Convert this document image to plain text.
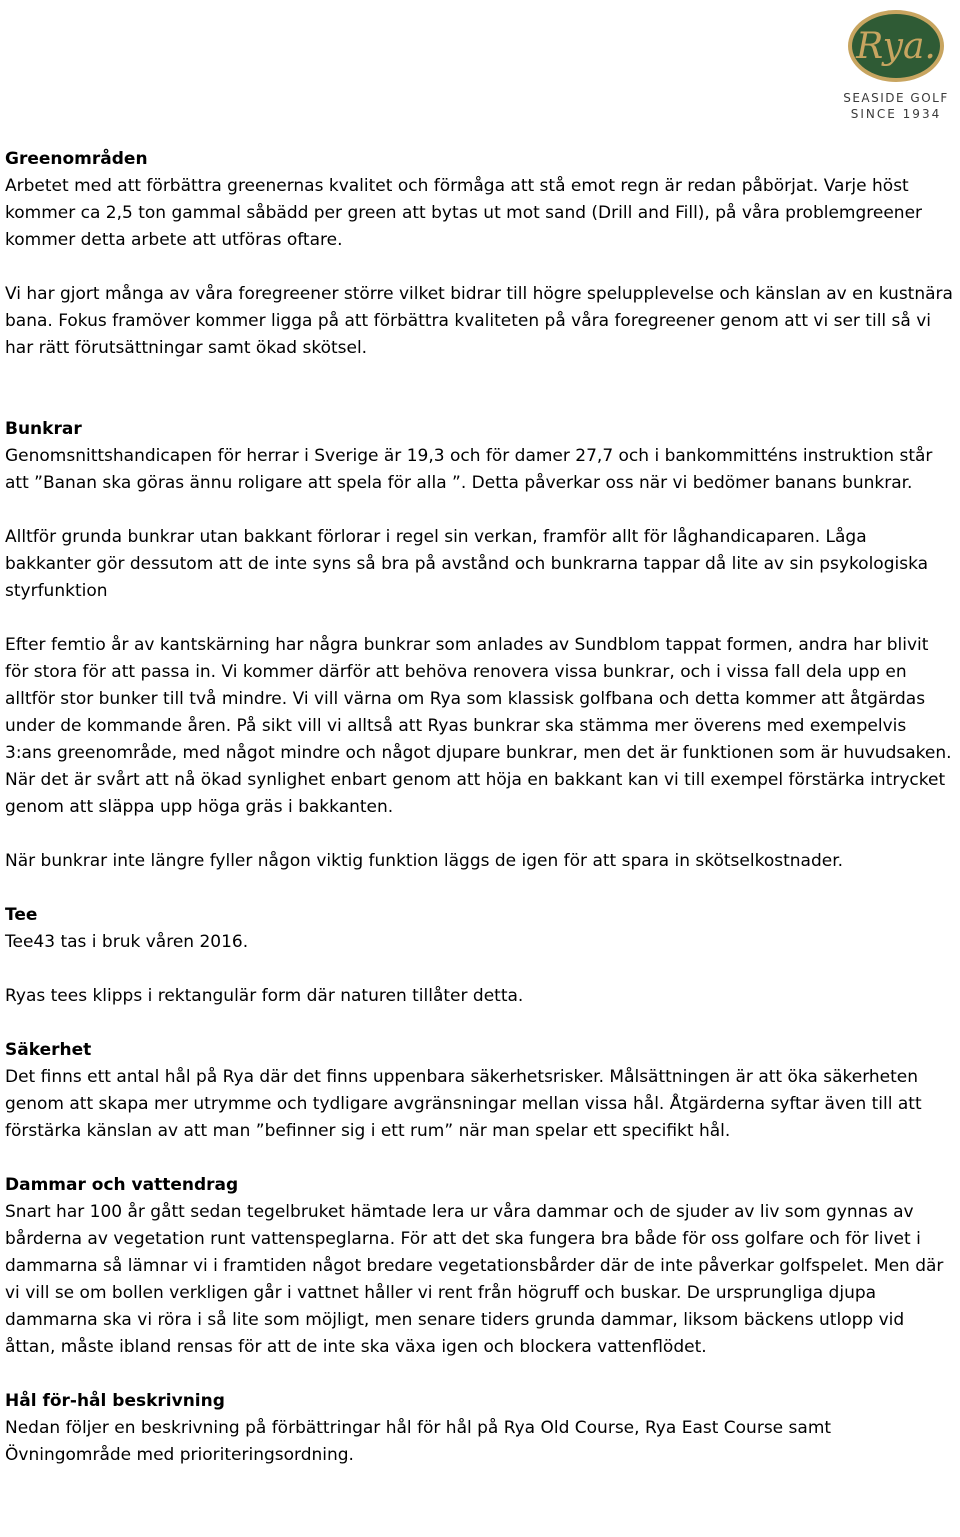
Rya.
SEASIDE GOLF
SINCE 1934
Greenområden

Arbetet med att förbättra greenernas kvalitet och förmåga att stå emot regn är redan påbörjat. Varje höst kommer ca 2,5 ton gammal såbädd per green att bytas ut mot sand (Drill and Fill), på våra problemgreener kommer detta arbete att utföras oftare.

Vi har gjort många av våra foregreener större vilket bidrar till högre spelupplevelse och känslan av en kustnära bana. Fokus framöver kommer ligga på att förbättra kvaliteten på våra foregreener genom att vi ser till så vi har rätt förutsättningar samt ökad skötsel.

Bunkrar

Genomsnittshandicapen för herrar i Sverige är 19,3 och för damer 27,7 och i bankommitténs instruktion står att ”Banan ska göras ännu roligare att spela för alla ”. Detta påverkar oss när vi bedömer banans bunkrar.

Alltför grunda bunkrar utan bakkant förlorar i regel sin verkan, framför allt för låghandicaparen. Låga bakkanter gör dessutom att de inte syns så bra på avstånd och bunkrarna tappar då lite av sin psykologiska styrfunktion

Efter femtio år av kantskärning har några bunkrar som anlades av Sundblom tappat formen, andra har blivit för stora för att passa in. Vi kommer därför att behöva renovera vissa bunkrar, och i vissa fall dela upp en alltför stor bunker till två mindre. Vi vill värna om Rya som klassisk golfbana och detta kommer att åtgärdas under de kommande åren. På sikt vill vi alltså att Ryas bunkrar ska stämma mer överens med exempelvis 3:ans greenområde, med något mindre och något djupare bunkrar, men det är funktionen som är huvudsaken. När det är svårt att nå ökad synlighet enbart genom att höja en bakkant kan vi till exempel förstärka intrycket genom att släppa upp höga gräs i bakkanten.

När bunkrar inte längre fyller någon viktig funktion läggs de igen för att spara in skötselkostnader.

Tee

Tee43 tas i bruk våren 2016.

Ryas tees klipps i rektangulär form där naturen tillåter detta.

Säkerhet

Det finns ett antal hål på Rya där det finns uppenbara säkerhetsrisker. Målsättningen är att öka säkerheten genom att skapa mer utrymme och tydligare avgränsningar mellan vissa hål. Åtgärderna syftar även till att förstärka känslan av att man ”befinner sig i ett rum” när man spelar ett specifikt hål.

Dammar och vattendrag

Snart har 100 år gått sedan tegelbruket hämtade lera ur våra dammar och de sjuder av liv som gynnas av bårderna av vegetation runt vattenspeglarna. För att det ska fungera bra både för oss golfare och för livet i dammarna så lämnar vi i framtiden något bredare vegetationsbårder där de inte påverkar golfspelet. Men där vi vill se om bollen verkligen går i vattnet håller vi rent från högruff och buskar. De ursprungliga djupa dammarna ska vi röra i så lite som möjligt, men senare tiders grunda dammar, liksom bäckens utlopp vid åttan, måste ibland rensas för att de inte ska växa igen och blockera vattenflödet.

Hål för-hål beskrivning

Nedan följer en beskrivning på förbättringar hål för hål på Rya Old Course, Rya East Course samt Övningområde med prioriteringsordning.
